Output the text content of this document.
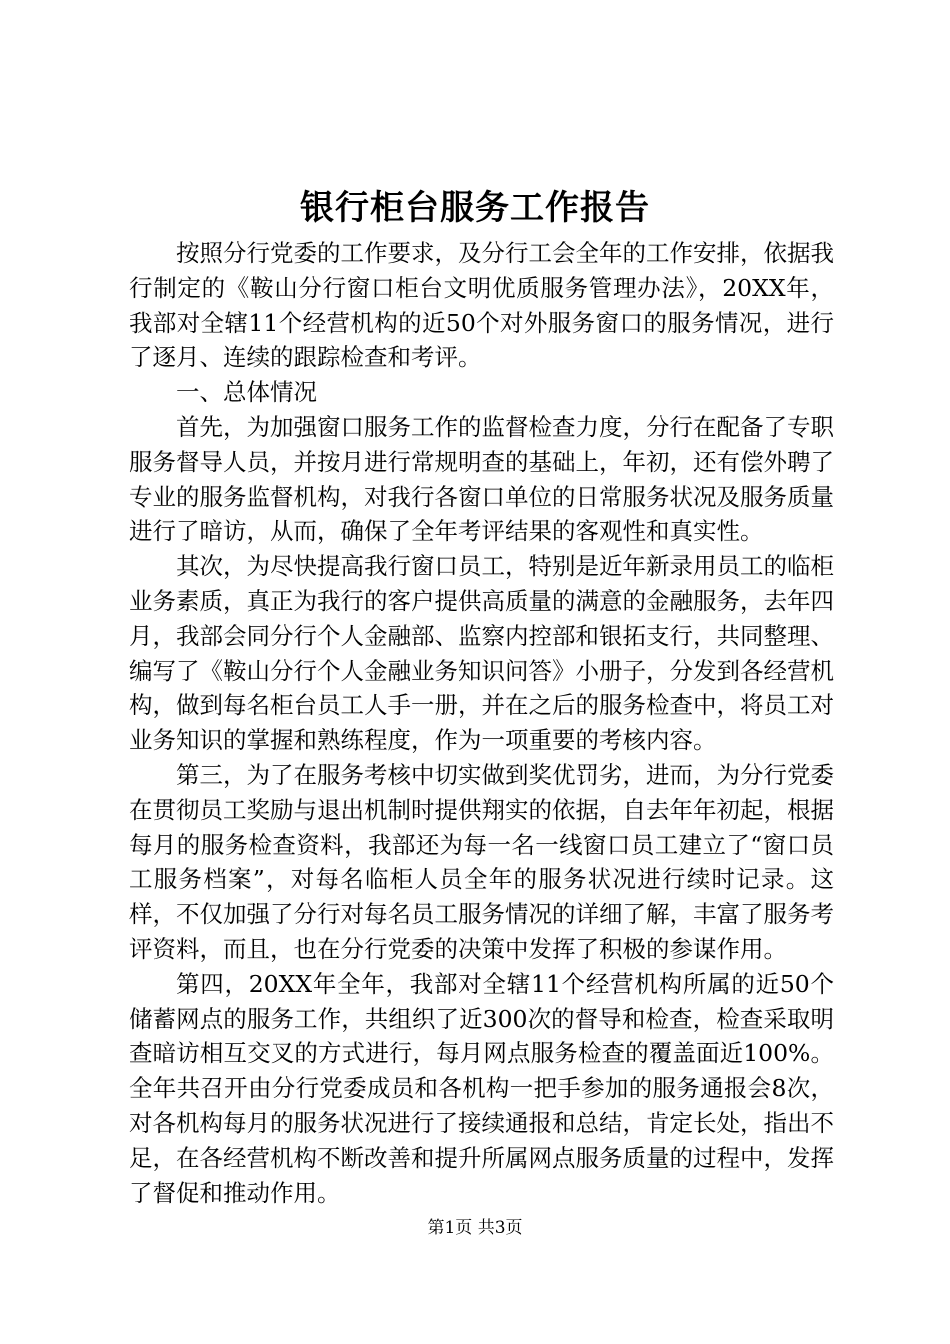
银行柜台服务工作报告

按照分行党委的工作要求，及分行工会全年的工作安排，依据我行制定的《鞍山分行窗口柜台文明优质服务管理办法》，20XX年，我部对全辖11个经营机构的近50个对外服务窗口的服务情况，进行了逐月、连续的跟踪检查和考评。

一、总体情况

首先，为加强窗口服务工作的监督检查力度，分行在配备了专职服务督导人员，并按月进行常规明查的基础上，年初，还有偿外聘了专业的服务监督机构，对我行各窗口单位的日常服务状况及服务质量进行了暗访，从而，确保了全年考评结果的客观性和真实性。

其次，为尽快提高我行窗口员工，特别是近年新录用员工的临柜业务素质，真正为我行的客户提供高质量的满意的金融服务，去年四月，我部会同分行个人金融部、监察内控部和银拓支行，共同整理、编写了《鞍山分行个人金融业务知识问答》小册子，分发到各经营机构，做到每名柜台员工人手一册，并在之后的服务检查中，将员工对业务知识的掌握和熟练程度，作为一项重要的考核内容。

第三，为了在服务考核中切实做到奖优罚劣，进而，为分行党委在贯彻员工奖励与退出机制时提供翔实的依据，自去年年初起，根据每月的服务检查资料，我部还为每一名一线窗口员工建立了“窗口员工服务档案”，对每名临柜人员全年的服务状况进行续时记录。这样，不仅加强了分行对每名员工服务情况的详细了解，丰富了服务考评资料，而且，也在分行党委的决策中发挥了积极的参谋作用。

第四，20XX年全年，我部对全辖11个经营机构所属的近50个储蓄网点的服务工作，共组织了近300次的督导和检查，检查采取明查暗访相互交叉的方式进行，每月网点服务检查的覆盖面近100%。全年共召开由分行党委成员和各机构一把手参加的服务通报会8次，对各机构每月的服务状况进行了接续通报和总结，肯定长处，指出不足，在各经营机构不断改善和提升所属网点服务质量的过程中，发挥了督促和推动作用。

第1页 共3页
